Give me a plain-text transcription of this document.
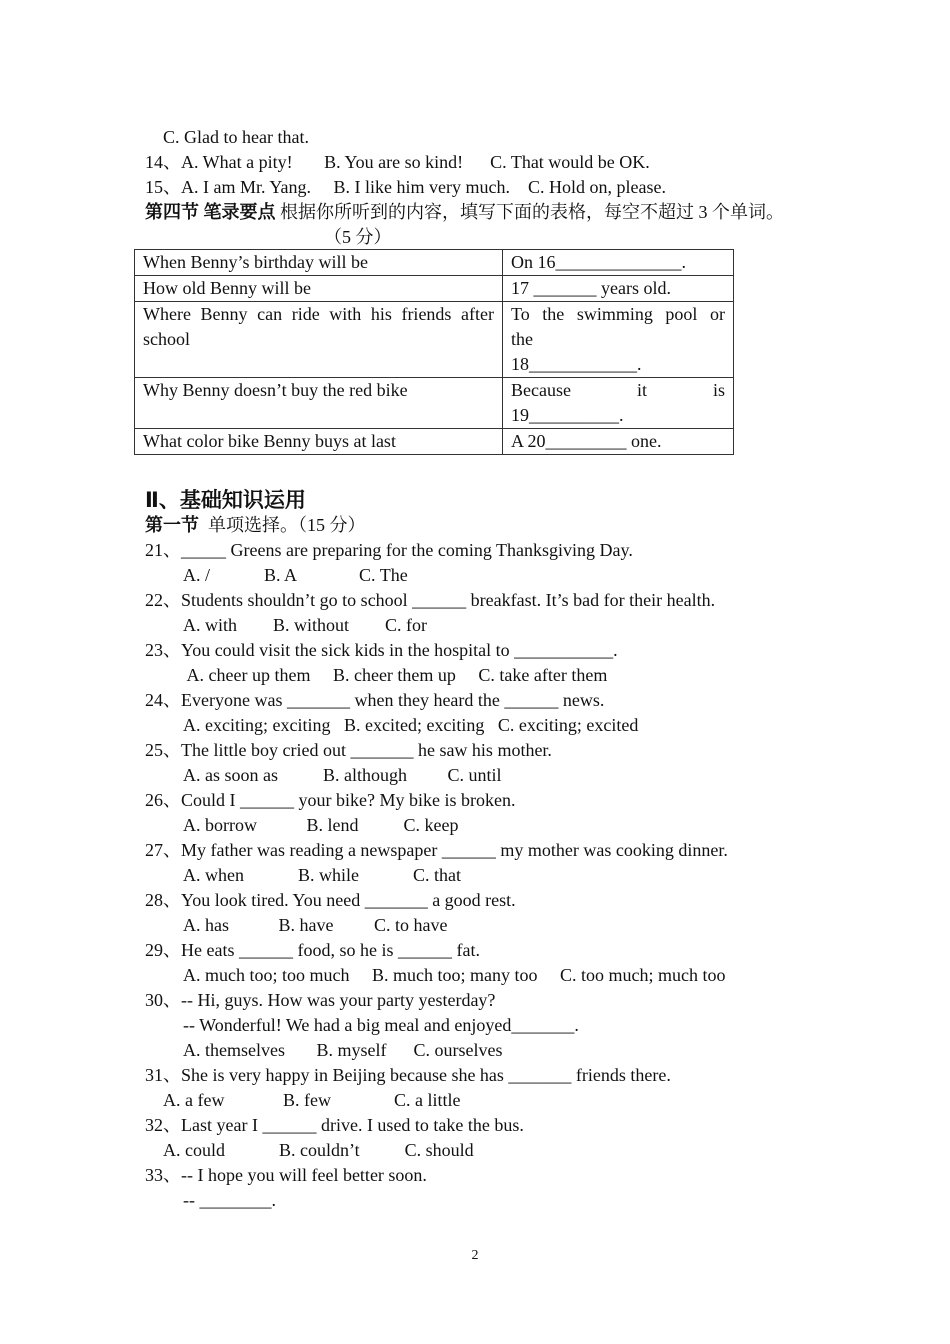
C. Glad to hear that.
14、A. What a pity!       B. You are so kind!      C. That would be OK.
15、A. I am Mr. Yang.     B. I like him very much.    C. Hold on, please.
第四节 笔录要点 根据你所听到的内容，填写下面的表格，每空不超过 3 个单词。
（5 分）
When Benny’s birthday will be	On 16______________.
How old Benny will be	17 _______ years old.

Where Benny can ride with his friends after
school	To the swimming pool or
the
18____________.

Why Benny doesn’t buy the red bike	Because it is
19__________.

What color bike Benny buys at last	A 20_________ one.
Ⅱ、基础知识运用
第一节  单项选择。（15 分）
21、_____ Greens are preparing for the coming Thanksgiving Day.
A. /            B. A              C. The
22、Students shouldn’t go to school ______ breakfast. It’s bad for their health.
A. with        B. without        C. for
23、You could visit the sick kids in the hospital to ___________.
A. cheer up them     B. cheer them up     C. take after them
24、Everyone was _______ when they heard the ______ news.
A. exciting; exciting   B. excited; exciting   C. exciting; excited
25、The little boy cried out _______ he saw his mother.
A. as soon as          B. although         C. until
26、Could I ______ your bike? My bike is broken.
A. borrow           B. lend          C. keep
27、My father was reading a newspaper ______ my mother was cooking dinner.
A. when            B. while            C. that
28、You look tired. You need _______ a good rest.
A. has           B. have         C. to have
29、He eats ______ food, so he is ______ fat.
A. much too; too much     B. much too; many too     C. too much; much too
30、-- Hi, guys. How was your party yesterday?
-- Wonderful! We had a big meal and enjoyed_______.
A. themselves       B. myself      C. ourselves
31、She is very happy in Beijing because she has _______ friends there.
A. a few             B. few              C. a little
32、Last year I ______ drive. I used to take the bus.
A. could            B. couldn’t          C. should
33、-- I hope you will feel better soon.
-- ________.
2
